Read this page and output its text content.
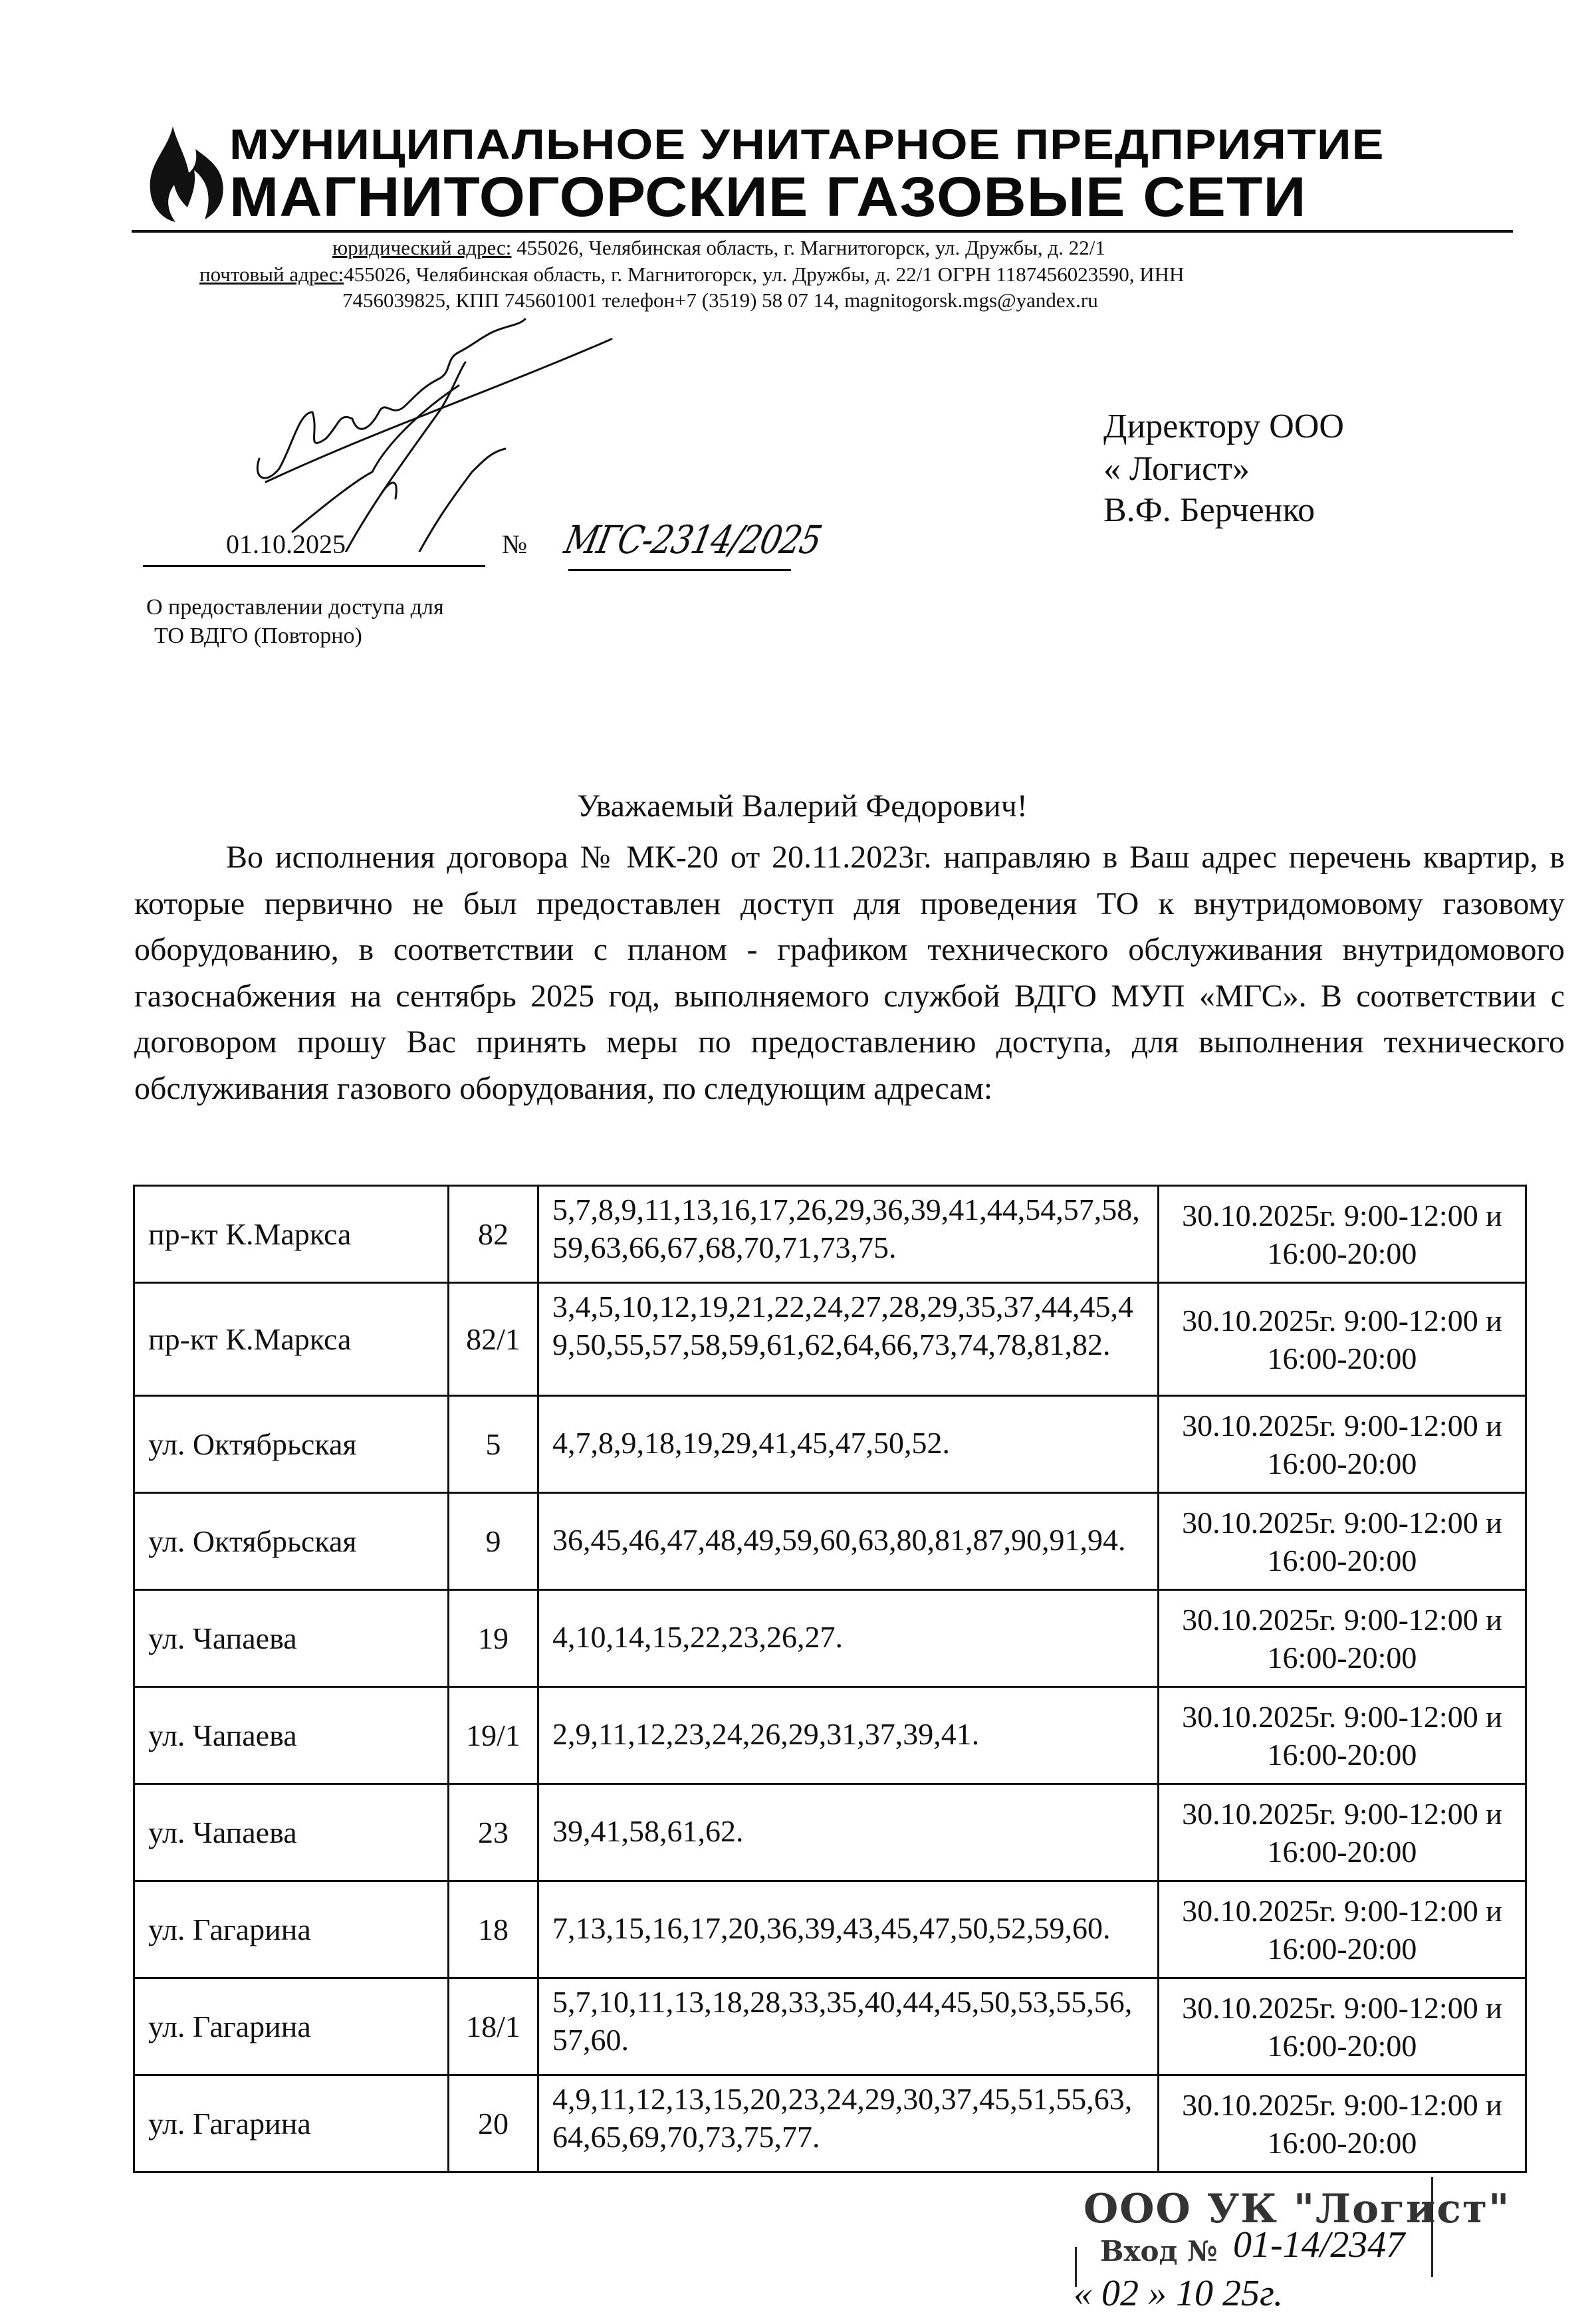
МУНИЦИПАЛЬНОЕ УНИТАРНОЕ ПРЕДПРИЯТИЕ
МАГНИТОГОРСКИЕ ГАЗОВЫЕ СЕТИ
юридический адрес: 455026, Челябинская область, г. Магнитогорск, ул. Дружбы, д. 22/1
почтовый адрес:455026, Челябинская область, г. Магнитогорск, ул. Дружбы, д. 22/1 ОГРН 1187456023590, ИНН
7456039825, КПП 745601001 телефон+7 (3519) 58 07 14, magnitogorsk.mgs@yandex.ru
Директору ООО
« Логист»
В.Ф. Берченко
01.10.2025	№ МГС-2314/2025
О предоставлении доступа для
ТО ВДГО (Повторно)
Уважаемый Валерий Федорович!
Во исполнения договора № МК-20 от 20.11.2023г. направляю в Ваш адрес перечень квартир, в которые первично не был предоставлен доступ для проведения ТО к внутридомовому газовому оборудованию, в соответствии с планом - графиком технического обслуживания внутридомового газоснабжения на сентябрь 2025 год, выполняемого службой ВДГО МУП «МГС». В соответствии с договором прошу Вас принять меры по предоставлению доступа, для выполнения технического обслуживания газового оборудования, по следующим адресам:
пр-кт К.Маркса	82	5,7,8,9,11,13,16,17,26,29,36,39,41,44,54,57,58,59,63,66,67,68,70,71,73,75.	30.10.2025г. 9:00-12:00 и 16:00-20:00
пр-кт К.Маркса	82/1	3,4,5,10,12,19,21,22,24,27,28,29,35,37,44,45,49,50,55,57,58,59,61,62,64,66,73,74,78,81,82.	30.10.2025г. 9:00-12:00 и 16:00-20:00
ул. Октябрьская	5	4,7,8,9,18,19,29,41,45,47,50,52.	30.10.2025г. 9:00-12:00 и 16:00-20:00
ул. Октябрьская	9	36,45,46,47,48,49,59,60,63,80,81,87,90,91,94.	30.10.2025г. 9:00-12:00 и 16:00-20:00
ул. Чапаева	19	4,10,14,15,22,23,26,27.	30.10.2025г. 9:00-12:00 и 16:00-20:00
ул. Чапаева	19/1	2,9,11,12,23,24,26,29,31,37,39,41.	30.10.2025г. 9:00-12:00 и 16:00-20:00
ул. Чапаева	23	39,41,58,61,62.	30.10.2025г. 9:00-12:00 и 16:00-20:00
ул. Гагарина	18	7,13,15,16,17,20,36,39,43,45,47,50,52,59,60.	30.10.2025г. 9:00-12:00 и 16:00-20:00
ул. Гагарина	18/1	5,7,10,11,13,18,28,33,35,40,44,45,50,53,55,56,57,60.	30.10.2025г. 9:00-12:00 и 16:00-20:00
ул. Гагарина	20	4,9,11,12,13,15,20,23,24,29,30,37,45,51,55,63,64,65,69,70,73,75,77.	30.10.2025г. 9:00-12:00 и 16:00-20:00
ООО УК "Логист"
Вход № 01-14/2347
« 02 » 10 25г.
